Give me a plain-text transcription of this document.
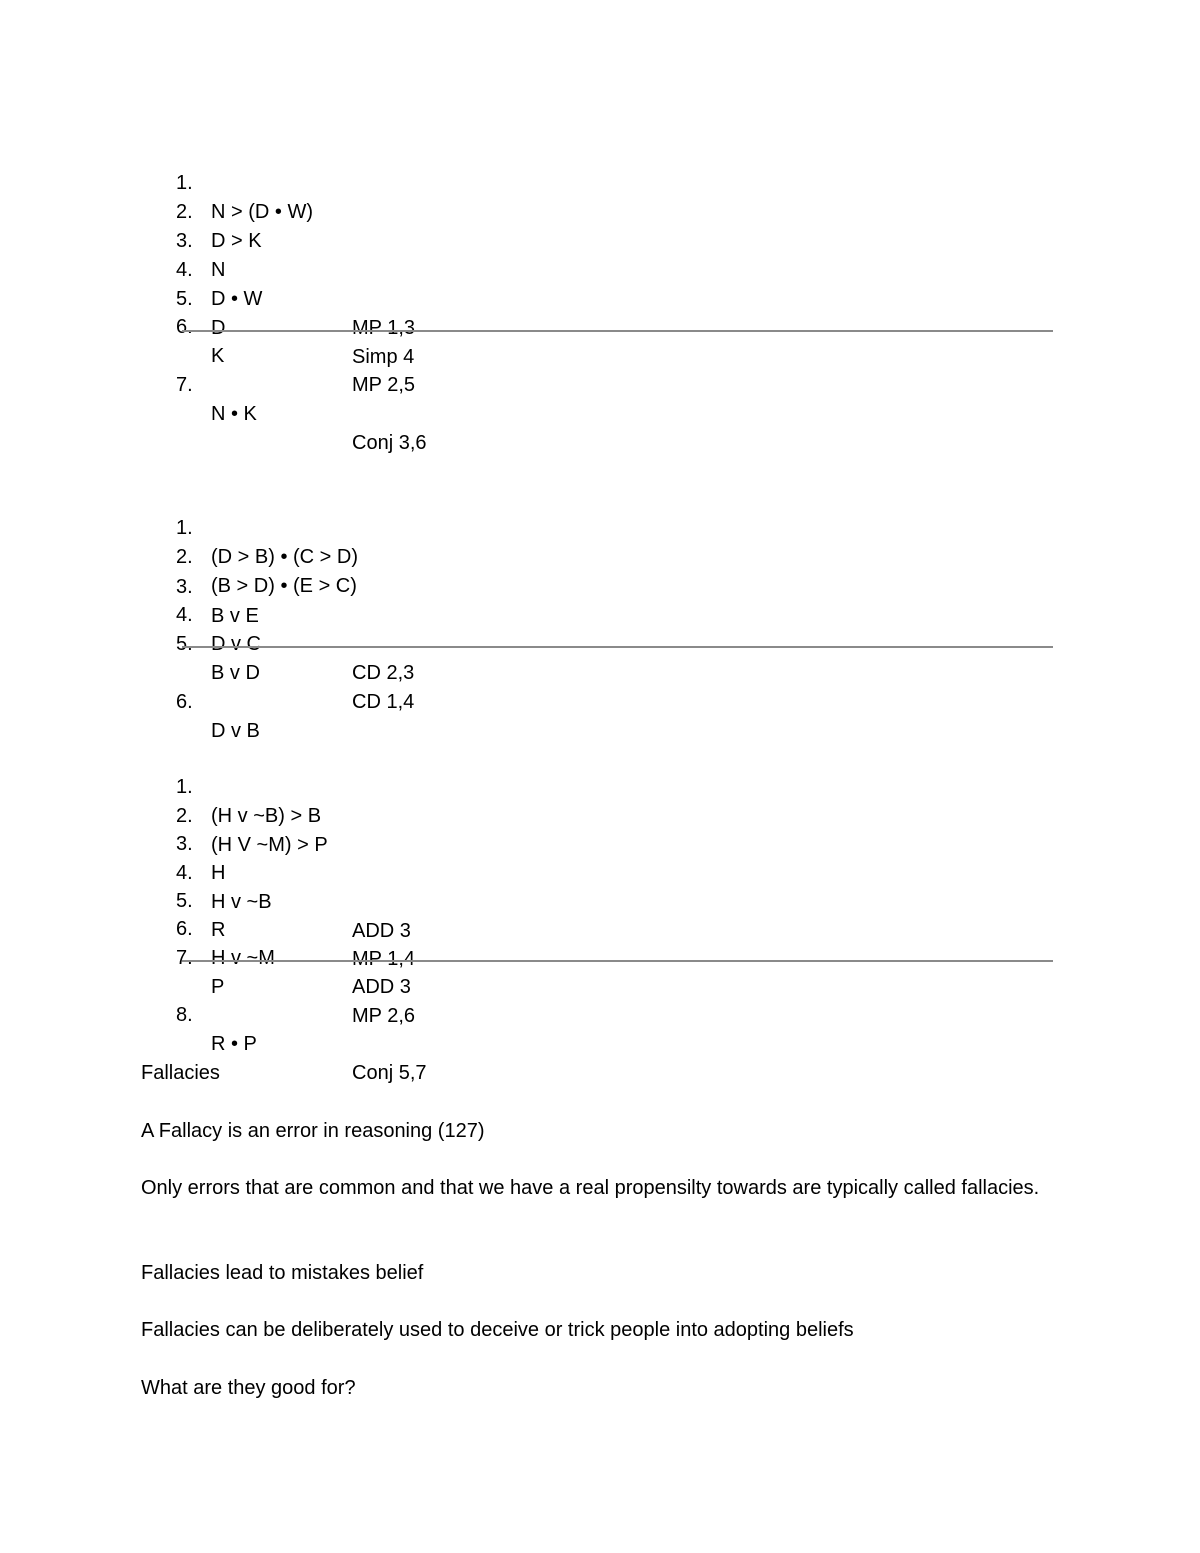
1.

N > (D • W)

2.

D > K

3.

N

4.

D • W

MP 1,3

5.

D

Simp 4

6.

K

MP 2,5

7.

N • K

Conj 3,6

1.

(D > B) • (C > D)

2.

(B > D) • (E > C)

3.

B v E

4.

D v C

CD 2,3

5.

B v D

CD 1,4

6.

D v B

1.

(H v ~B) > B

2.

(H V ~M) > P

3.

H

4.

H v ~B

ADD 3

5.

R

MP 1,4

6.

H v ~M

ADD 3

7.

P

MP 2,6

8.

R • P

Conj 5,7

Fallacies
A Fallacy is an error in reasoning (127)
Only errors that are common and that we have a real propensilty towards are typically called fallacies.
Fallacies lead to mistakes belief
Fallacies can be deliberately used to deceive or trick people into adopting beliefs
What are they good for?
